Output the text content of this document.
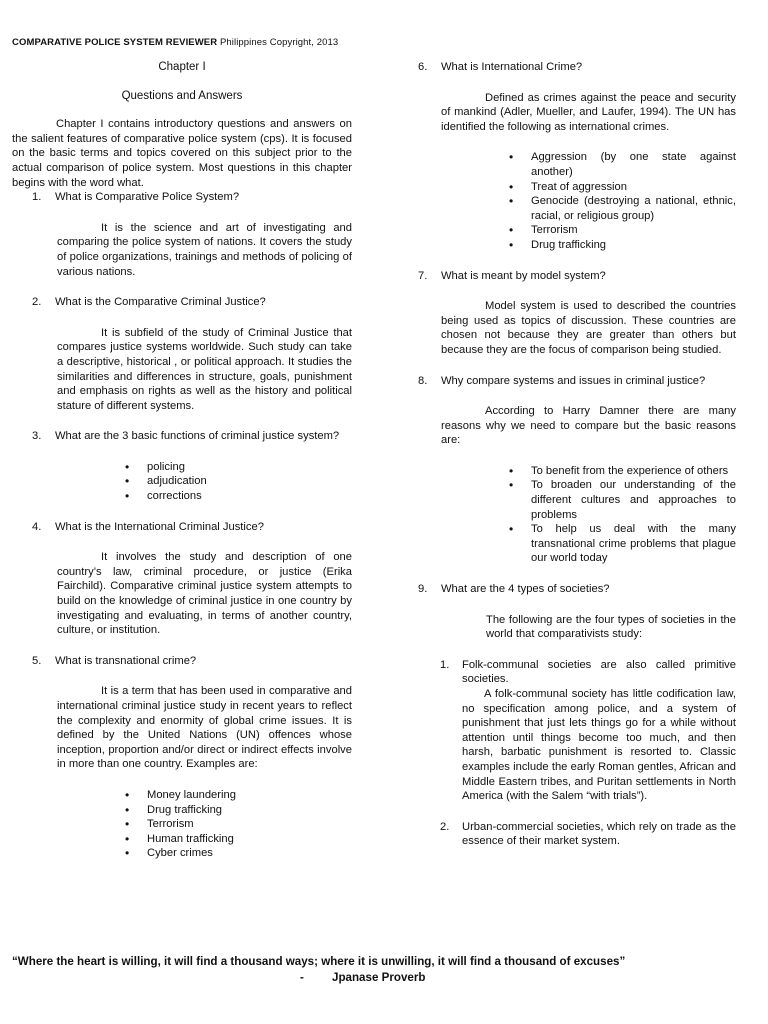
COMPARATIVE POLICE SYSTEM REVIEWER Philippines Copyright, 2013

Chapter I

Questions and Answers

Chapter I contains introductory questions and answers on the salient features of comparative police system (cps). It is focused on the basic terms and topics covered on this subject prior to the actual comparison of police system. Most questions in this chapter begins with the word what.

1.	What is Comparative Police System?

It is the science and art of investigating and comparing the police system of nations. It covers the study of police organizations, trainings and methods of policing of various nations.

2.	What is the Comparative Criminal Justice?

It is subfield of the study of Criminal Justice that compares justice systems worldwide. Such study can take a descriptive, historical , or political approach. It studies the similarities and differences in structure, goals, punishment and emphasis on rights as well as the history and political stature of different systems.

3.	What are the 3 basic functions of criminal justice system?
• policing
• adjudication
• corrections
4.	What is the International Criminal Justice?

It involves the study and description of one country’s law, criminal procedure, or justice (Erika Fairchild). Comparative criminal justice system attempts to build on the knowledge of criminal justice in one country by investigating and evaluating, in terms of another country, culture, or institution.

5.	What is transnational crime?

It is a term that has been used in comparative and international criminal justice study in recent years to reflect the complexity and enormity of global crime issues. It is defined by the United Nations (UN) offences whose inception, proportion and/or direct or indirect effects involve in more than one country. Examples are:

• Money laundering
• Drug trafficking
• Terrorism
• Human trafficking
• Cyber crimes
6.	What is International Crime?

Defined as crimes against the peace and security of mankind (Adler, Mueller, and Laufer, 1994). The UN has identified the following as international crimes.

• Aggression (by one state against another)
• Treat of aggression
• Genocide (destroying a national, ethnic, racial, or religious group)
• Terrorism
• Drug trafficking
7.	What is meant by model system?

Model system is used to described the countries being used as topics of discussion. These countries are chosen not because they are greater than others but because they are the focus of comparison being studied.

8.	Why compare systems and issues in criminal justice?

According to Harry Damner there are many reasons why we need to compare but the basic reasons are:

• To benefit from the experience of others
• To broaden our understanding of the different cultures and approaches to problems
• To help us deal with the many transnational crime problems that plague our world today
9.	What are the 4 types of societies?

The following are the four types of societies in the world that comparativists study:

1.	Folk-communal societies are also called primitive societies.

A folk-communal society has little codification law, no specification among police, and a system of punishment that just lets things go for a while without attention until things become too much, and then harsh, barbatic punishment is resorted to. Classic examples include the early Roman gentles, African and Middle Eastern tribes, and Puritan settlements in North America (with the Salem “with trials”).

2.	Urban-commercial societies, which rely on trade as the essence of their market system.
“Where the heart is willing, it will find a thousand ways; where it is unwilling, it will find a thousand of excuses”
- Jpanase Proverb
